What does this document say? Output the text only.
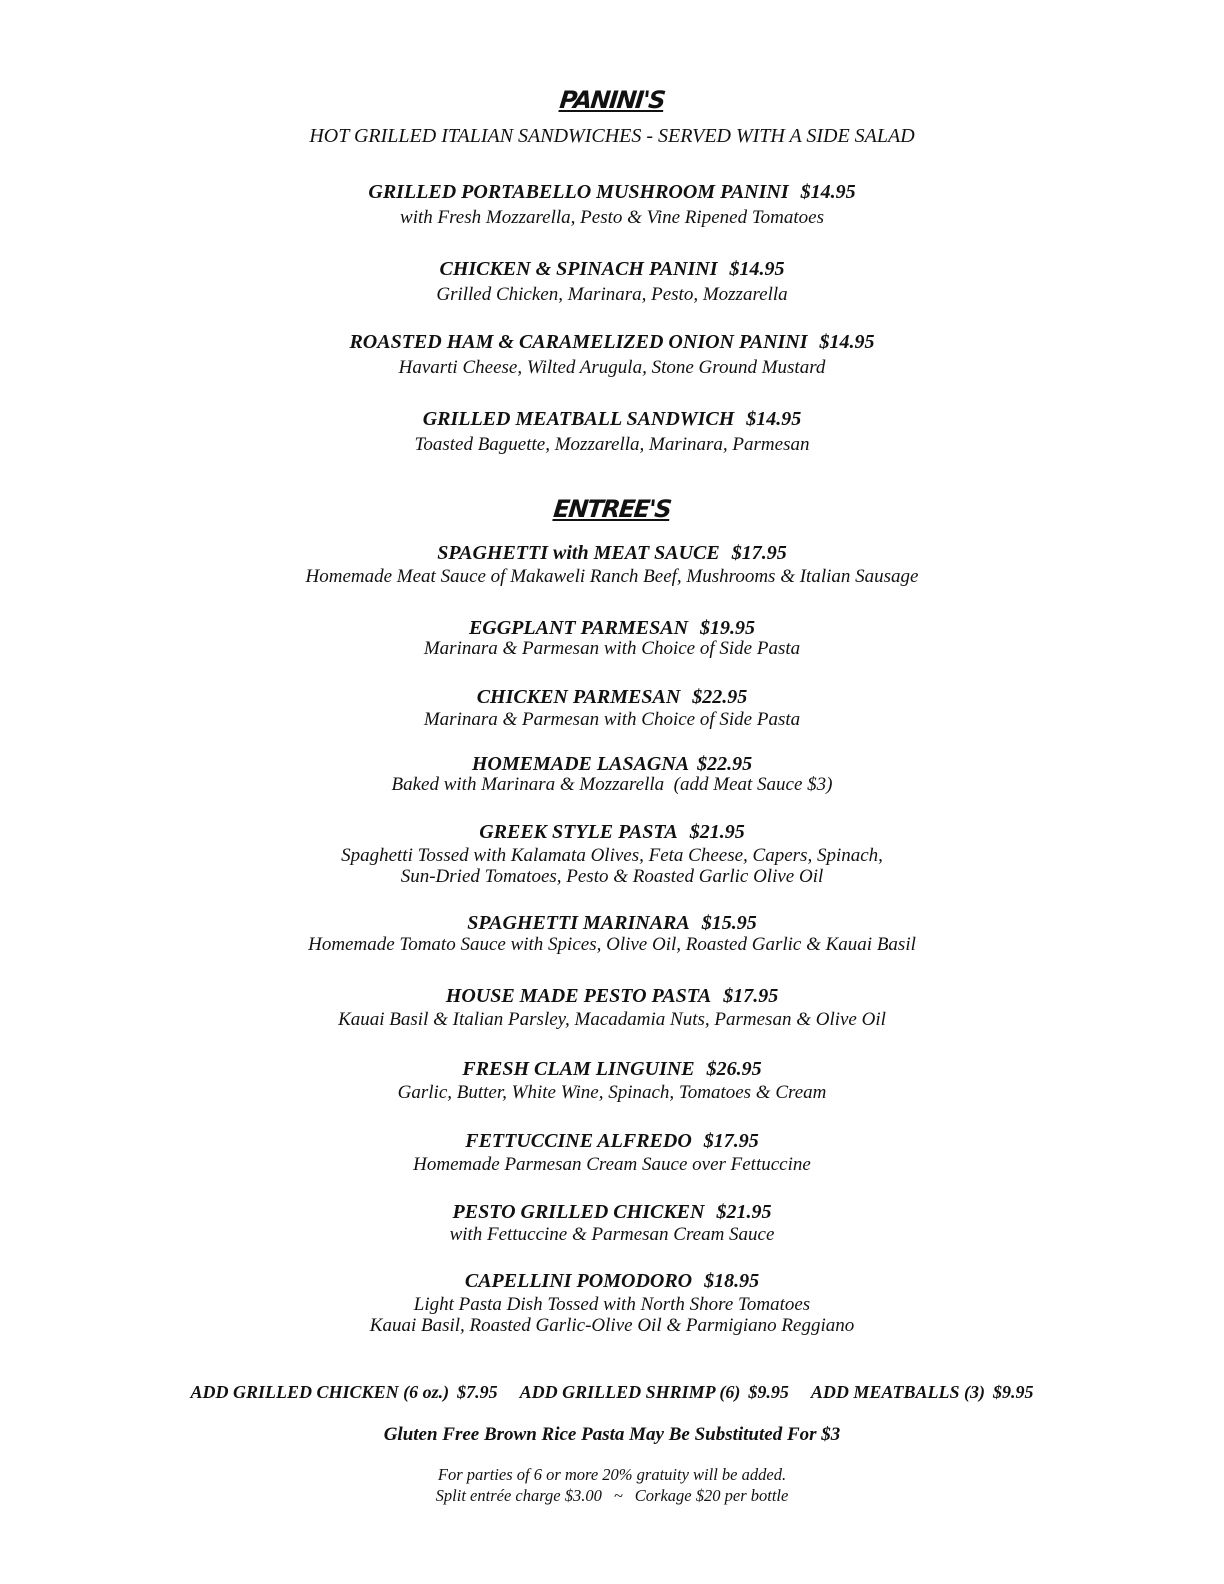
PANINI'S
HOT GRILLED ITALIAN SANDWICHES - SERVED WITH A SIDE SALAD
GRILLED PORTABELLO MUSHROOM PANINI $14.95
with Fresh Mozzarella, Pesto & Vine Ripened Tomatoes
CHICKEN & SPINACH PANINI $14.95
Grilled Chicken, Marinara, Pesto, Mozzarella
ROASTED HAM & CARAMELIZED ONION PANINI $14.95
Havarti Cheese, Wilted Arugula, Stone Ground Mustard
GRILLED MEATBALL SANDWICH $14.95
Toasted Baguette, Mozzarella, Marinara, Parmesan
ENTREE'S
SPAGHETTI with MEAT SAUCE $17.95
Homemade Meat Sauce of Makaweli Ranch Beef, Mushrooms & Italian Sausage
EGGPLANT PARMESAN $19.95
Marinara & Parmesan with Choice of Side Pasta
CHICKEN PARMESAN $22.95
Marinara & Parmesan with Choice of Side Pasta
HOMEMADE LASAGNA $22.95
Baked with Marinara & Mozzarella  (add Meat Sauce $3)
GREEK STYLE PASTA $21.95
Spaghetti Tossed with Kalamata Olives, Feta Cheese, Capers, Spinach,
Sun-Dried Tomatoes, Pesto & Roasted Garlic Olive Oil
SPAGHETTI MARINARA $15.95
Homemade Tomato Sauce with Spices, Olive Oil, Roasted Garlic & Kauai Basil
HOUSE MADE PESTO PASTA $17.95
Kauai Basil & Italian Parsley, Macadamia Nuts, Parmesan & Olive Oil
FRESH CLAM LINGUINE $26.95
Garlic, Butter, White Wine, Spinach, Tomatoes & Cream
FETTUCCINE ALFREDO $17.95
Homemade Parmesan Cream Sauce over Fettuccine
PESTO GRILLED CHICKEN $21.95
with Fettuccine & Parmesan Cream Sauce
CAPELLINI POMODORO $18.95
Light Pasta Dish Tossed with North Shore Tomatoes
Kauai Basil, Roasted Garlic-Olive Oil & Parmigiano Reggiano
ADD GRILLED CHICKEN (6 oz.) $7.95 ADD GRILLED SHRIMP (6) $9.95 ADD MEATBALLS (3) $9.95
Gluten Free Brown Rice Pasta May Be Substituted For $3
For parties of 6 or more 20% gratuity will be added.
Split entrée charge $3.00 ~ Corkage $20 per bottle
